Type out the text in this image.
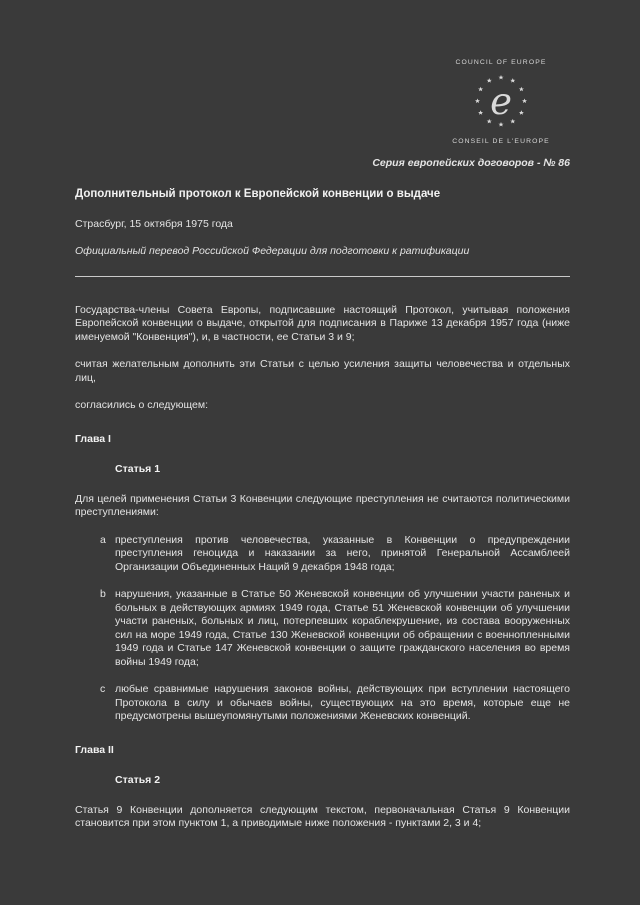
COUNCIL OF EUROPE
e
CONSEIL DE L'EUROPE
Серия европейских договоров - № 86
Дополнительный протокол к Европейской конвенции о выдаче
Страсбург, 15 октября 1975 года
Официальный перевод Российской Федерации для подготовки к ратификации

Государства-члены Совета Европы, подписавшие настоящий Протокол, учитывая положения Европейской конвенции о выдаче, открытой для подписания в Париже 13 декабря 1957 года (ниже именуемой "Конвенция"), и, в частности, ее Статьи 3 и 9;

считая желательным дополнить эти Статьи с целью усиления защиты человечества и отдельных лиц,

согласились о следующем:

Глава I
Статья 1

Для целей применения Статьи 3 Конвенции следующие преступления не считаются политическими преступлениями:

a преступления против человечества, указанные в Конвенции о предупреждении преступления геноцида и наказании за него, принятой Генеральной Ассамблеей Организации Объединенных Наций 9 декабря 1948 года;

b нарушения, указанные в Статье 50 Женевской конвенции об улучшении участи раненых и больных в действующих армиях 1949 года, Статье 51 Женевской конвенции об улучшении участи раненых, больных и лиц, потерпевших кораблекрушение, из состава вооруженных сил на море 1949 года, Статье 130 Женевской конвенции об обращении с военнопленными 1949 года и Статье 147 Женевской конвенции о защите гражданского населения во время войны 1949 года;

c любые сравнимые нарушения законов войны, действующих при вступлении настоящего Протокола в силу и обычаев войны, существующих на это время, которые еще не предусмотрены вышеупомянутыми положениями Женевских конвенций.

Глава II
Статья 2

Статья 9 Конвенции дополняется следующим текстом, первоначальная Статья 9 Конвенции становится при этом пунктом 1, а приводимые ниже положения - пунктами 2, 3 и 4;
